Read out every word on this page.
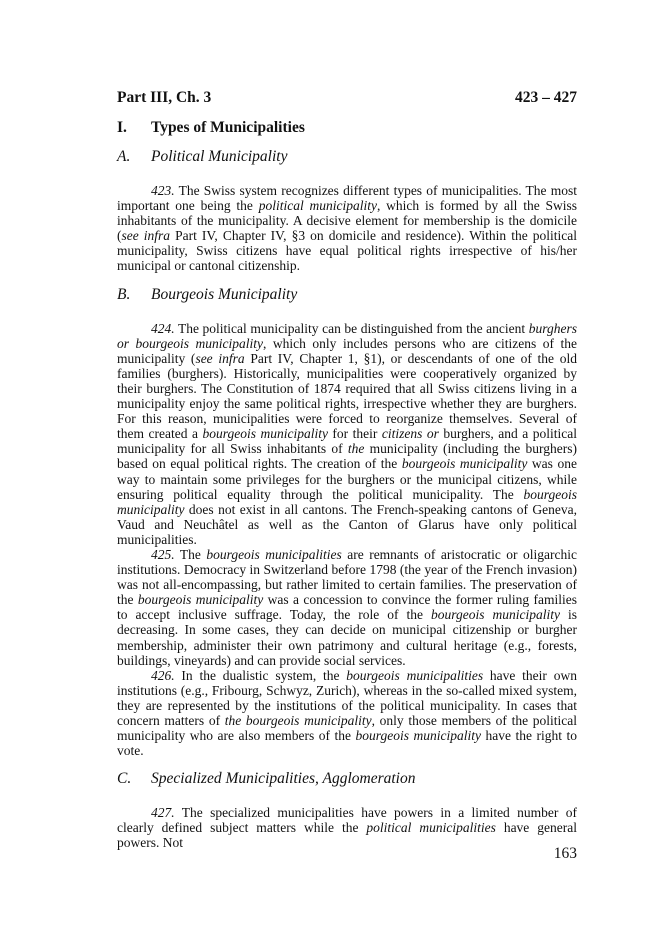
Part III, Ch. 3	423 – 427
I.	Types of Municipalities
A.	Political Municipality

423. The Swiss system recognizes different types of municipalities. The most important one being the political municipality, which is formed by all the Swiss inhabitants of the municipality. A decisive element for membership is the domicile (see infra Part IV, Chapter IV, §3 on domicile and residence). Within the political municipality, Swiss citizens have equal political rights irrespective of his/her municipal or cantonal citizenship.

B.	Bourgeois Municipality

424. The political municipality can be distinguished from the ancient burghers or bourgeois municipality, which only includes persons who are citizens of the municipality (see infra Part IV, Chapter 1, §1), or descendants of one of the old families (burghers). Historically, municipalities were cooperatively organized by their burghers. The Constitution of 1874 required that all Swiss citizens living in a municipality enjoy the same political rights, irrespective whether they are burghers. For this reason, municipalities were forced to reorganize themselves. Several of them created a bourgeois municipality for their citizens or burghers, and a political municipality for all Swiss inhabitants of the municipality (including the burghers) based on equal political rights. The creation of the bourgeois municipality was one way to maintain some privileges for the burghers or the municipal citizens, while ensuring political equality through the political municipality. The bourgeois municipality does not exist in all cantons. The French-speaking cantons of Geneva, Vaud and Neuchâtel as well as the Canton of Glarus have only political municipalities.

425. The bourgeois municipalities are remnants of aristocratic or oligarchic institutions. Democracy in Switzerland before 1798 (the year of the French invasion) was not all-encompassing, but rather limited to certain families. The preservation of the bourgeois municipality was a concession to convince the former ruling families to accept inclusive suffrage. Today, the role of the bourgeois municipality is decreasing. In some cases, they can decide on municipal citizenship or burgher membership, administer their own patrimony and cultural heritage (e.g., forests, buildings, vineyards) and can provide social services.

426. In the dualistic system, the bourgeois municipalities have their own institutions (e.g., Fribourg, Schwyz, Zurich), whereas in the so-called mixed system, they are represented by the institutions of the political municipality. In cases that concern matters of the bourgeois municipality, only those members of the political municipality who are also members of the bourgeois municipality have the right to vote.

C.	Specialized Municipalities, Agglomeration

427. The specialized municipalities have powers in a limited number of clearly defined subject matters while the political municipalities have general powers. Not

163
